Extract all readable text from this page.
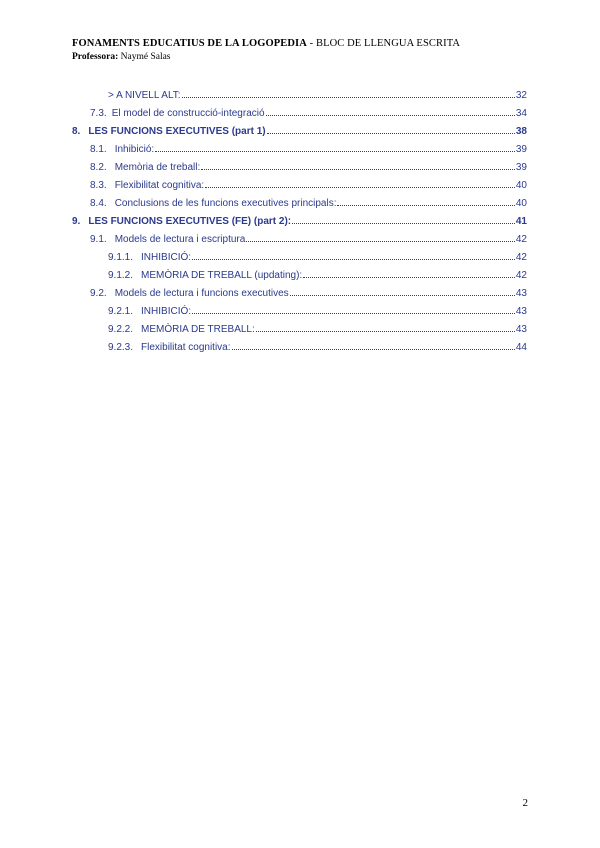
FONAMENTS EDUCATIUS DE LA LOGOPEDIA - BLOC DE LLENGUA ESCRITA
Professora: Naymé Salas
> A NIVELL ALT:	32
7.3. El model de construcció-integració	34
8. LES FUNCIONS EXECUTIVES (part 1)	38
8.1. Inhibició:	39
8.2. Memòria de treball:	39
8.3. Flexibilitat cognitiva:	40
8.4. Conclusions de les funcions executives principals:	40
9. LES FUNCIONS EXECUTIVES (FE) (part 2):	41
9.1. Models de lectura i escriptura	42
9.1.1. INHIBICIÓ:	42
9.1.2. MEMÒRIA DE TREBALL (updating):	42
9.2. Models de lectura i funcions executives	43
9.2.1. INHIBICIÓ:	43
9.2.2. MEMÒRIA DE TREBALL:	43
9.2.3. Flexibilitat cognitiva:	44
2
